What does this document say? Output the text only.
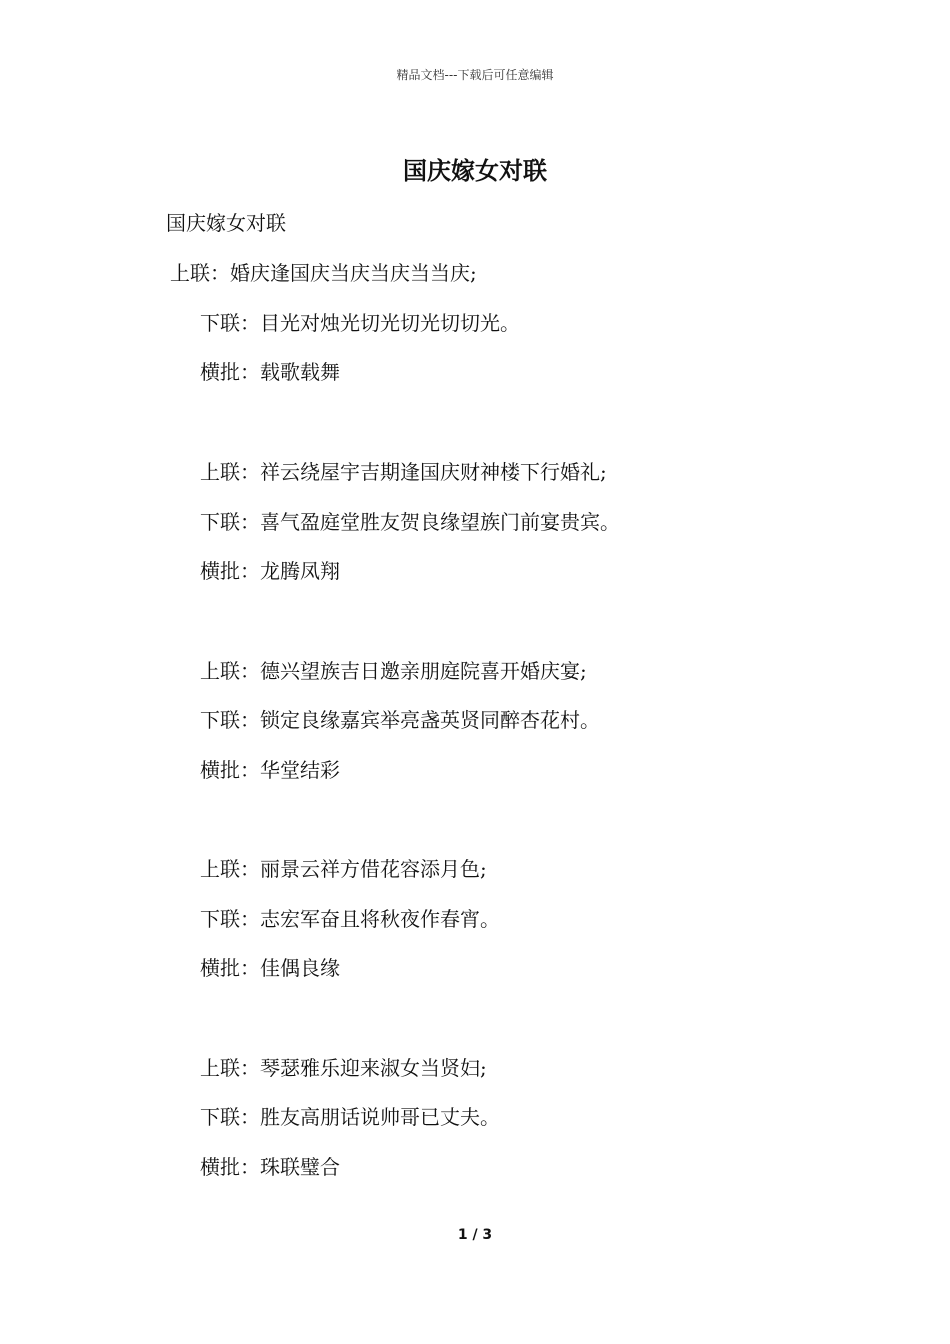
精品文档---下载后可任意编辑
国庆嫁女对联
国庆嫁女对联
上联：婚庆逢国庆当庆当庆当当庆;
下联：目光对烛光切光切光切切光。
横批：载歌载舞
上联：祥云绕屋宇吉期逢国庆财神楼下行婚礼;
下联：喜气盈庭堂胜友贺良缘望族门前宴贵宾。
横批：龙腾凤翔
上联：德兴望族吉日邀亲朋庭院喜开婚庆宴;
下联：锁定良缘嘉宾举亮盏英贤同醉杏花村。
横批：华堂结彩
上联：丽景云祥方借花容添月色;
下联：志宏军奋且将秋夜作春宵。
横批：佳偶良缘
上联：琴瑟雅乐迎来淑女当贤妇;
下联：胜友高朋话说帅哥已丈夫。
横批：珠联璧合
1 / 3
